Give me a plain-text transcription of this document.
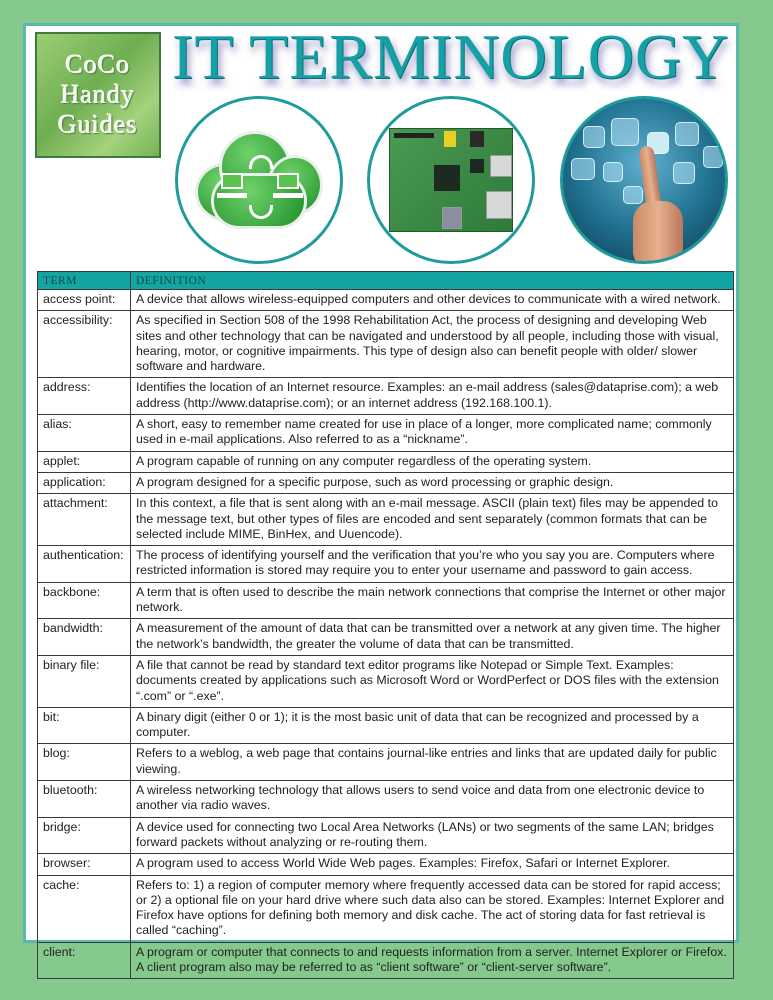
CoCo
Handy
Guides
IT TERMINOLOGY
TERM	DEFINITION
access point:	A device that allows wireless-equipped computers and other devices to communicate with a wired network.
accessibility:	As specified in Section 508 of the 1998 Rehabilitation Act, the process of designing and developing Web sites and other technology that can be navigated and understood by all people, including those with visual, hearing, motor, or cognitive impairments. This type of design also can benefit people with older/ slower software and hardware.
address:	Identifies the location of an Internet resource. Examples: an e-mail address (sales@dataprise.com); a web address (http://www.dataprise.com); or an internet address (192.168.100.1).
alias:	A short, easy to remember name created for use in place of a longer, more complicated name; commonly used in e-mail applications. Also referred to as a “nickname”.
applet:	A program capable of running on any computer regardless of the operating system.
application:	A program designed for a specific purpose, such as word processing or graphic design.
attachment:	In this context, a file that is sent along with an e-mail message. ASCII (plain text) files may be appended to the message text, but other types of files are encoded and sent separately (common formats that can be selected include MIME, BinHex, and Uuencode).
authentication:	The process of identifying yourself and the verification that you’re who you say you are. Computers where restricted information is stored may require you to enter your username and password to gain access.
backbone:	A term that is often used to describe the main network connections that comprise the Internet or other major network.
bandwidth:	A measurement of the amount of data that can be transmitted over a network at any given time. The higher the network’s bandwidth, the greater the volume of data that can be transmitted.
binary file:	A file that cannot be read by standard text editor programs like Notepad or Simple Text. Examples: documents created by applications such as Microsoft Word or WordPerfect or DOS files with the extension “.com” or “.exe”.
bit:	A binary digit (either 0 or 1); it is the most basic unit of data that can be recognized and processed by a computer.
blog:	Refers to a weblog, a web page that contains journal-like entries and links that are updated daily for public viewing.
bluetooth:	A wireless networking technology that allows users to send voice and data from one electronic device to another via radio waves.
bridge:	A device used for connecting two Local Area Networks (LANs) or two segments of the same LAN; bridges forward packets without analyzing or re-routing them.
browser:	A program used to access World Wide Web pages. Examples: Firefox, Safari or Internet Explorer.
cache:	Refers to: 1) a region of computer memory where frequently accessed data can be stored for rapid access; or 2) a optional file on your hard drive where such data also can be stored. Examples: Internet Explorer and Firefox have options for defining both memory and disk cache. The act of storing data for fast retrieval is called “caching”.
client:	A program or computer that connects to and requests information from a server. Internet Explorer or Firefox. A client program also may be referred to as “client software” or “client-server software”.
